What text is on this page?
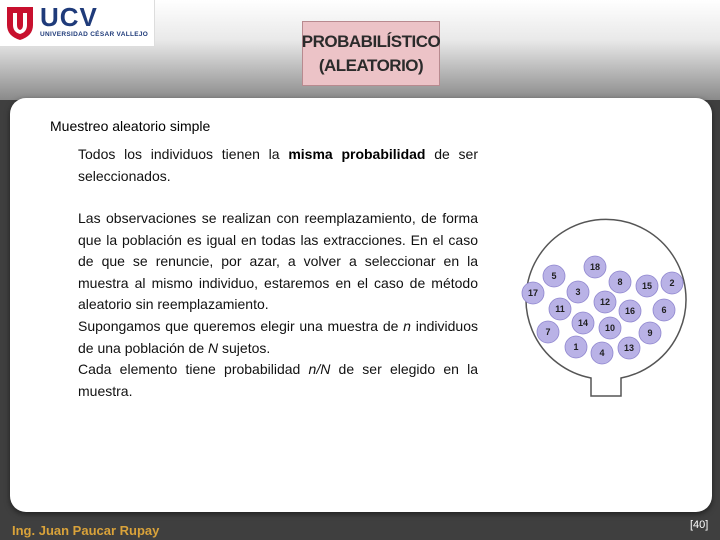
UCV
UNIVERSIDAD CÉSAR VALLEJO	PROBABILÍSTICO
(ALEATORIO)
Muestreo aleatorio simple
Todos los individuos tienen la misma probabilidad de ser seleccionados.

Las observaciones se realizan con reemplazamiento, de forma que la población es igual en todas las extracciones. En el caso de que se renuncie, por azar, a volver a seleccionar en la muestra al mismo individuo, estaremos en el caso de método aleatorio sin reemplazamiento.

Supongamos que queremos elegir una muestra de n individuos de una población de N sujetos.

Cada elemento tiene probabilidad n/N de ser elegido en la muestra.

18
5
8 15 2
17	3
12
16	6
11
14 10
7	9
1
4 13
Ing. Juan Paucar Rupay	[40]
